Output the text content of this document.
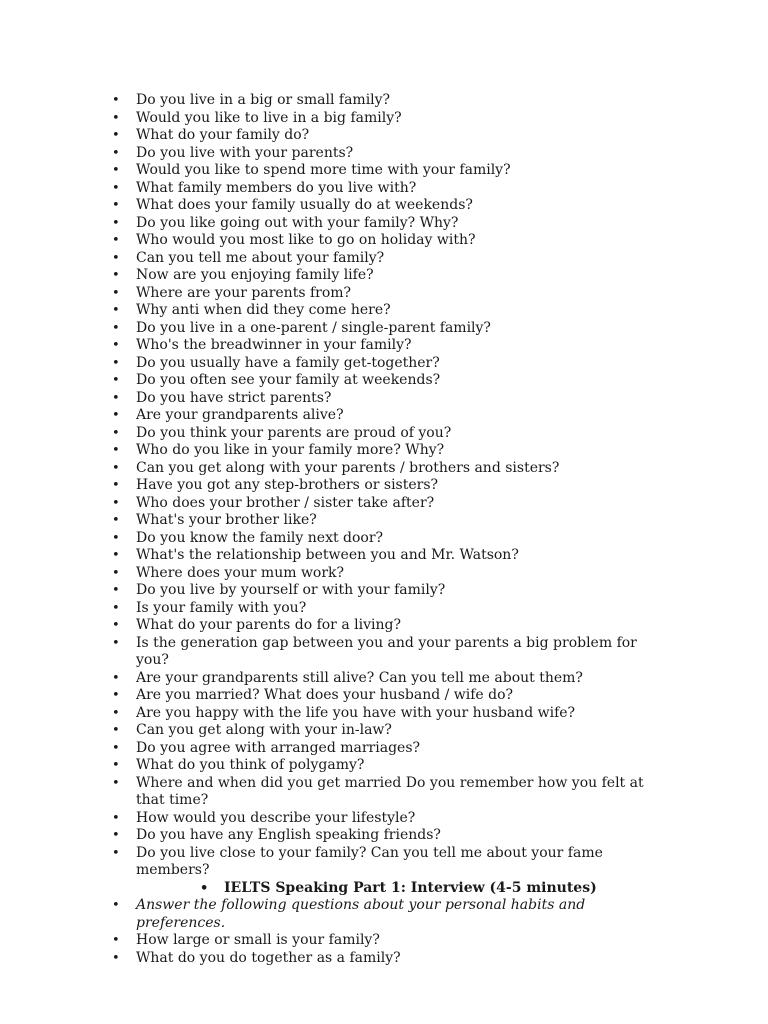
• Do you live in a big or small family?
• Would you like to live in a big family?
• What do your family do?
• Do you live with your parents?
• Would you like to spend more time with your family?
• What family members do you live with?
• What does your family usually do at weekends?
• Do you like going out with your family? Why?
• Who would you most like to go on holiday with?
• Can you tell me about your family?
• Now are you enjoying family life?
• Where are your parents from?
• Why anti when did they come here?
• Do you live in a one-parent / single-parent family?
• Who's the breadwinner in your family?
• Do you usually have a family get-together?
• Do you often see your family at weekends?
• Do you have strict parents?
• Are your grandparents alive?
• Do you think your parents are proud of you?
• Who do you like in your family more? Why?
• Can you get along with your parents / brothers and sisters?
• Have you got any step-brothers or sisters?
• Who does your brother / sister take after?
• What's your brother like?
• Do you know the family next door?
• What's the relationship between you and Mr. Watson?
• Where does your mum work?
• Do you live by yourself or with your family?
• Is your family with you?
• What do your parents do for a living?
• Is the generation gap between you and your parents a big problem for you?
• Are your grandparents still alive? Can you tell me about them?
• Are you married? What does your husband / wife do?
• Are you happy with the life you have with your husband wife?
• Can you get along with your in-law?
• Do you agree with arranged marriages?
• What do you think of polygamy?
• Where and when did you get married Do you remember how you felt at that time?
• How would you describe your lifestyle?
• Do you have any English speaking friends?
• Do you live close to your family? Can you tell me about your fame members?
• IELTS Speaking Part 1: Interview (4-5 minutes)
• Answer the following questions about your personal habits and preferences.
• How large or small is your family?
• What do you do together as a family?
